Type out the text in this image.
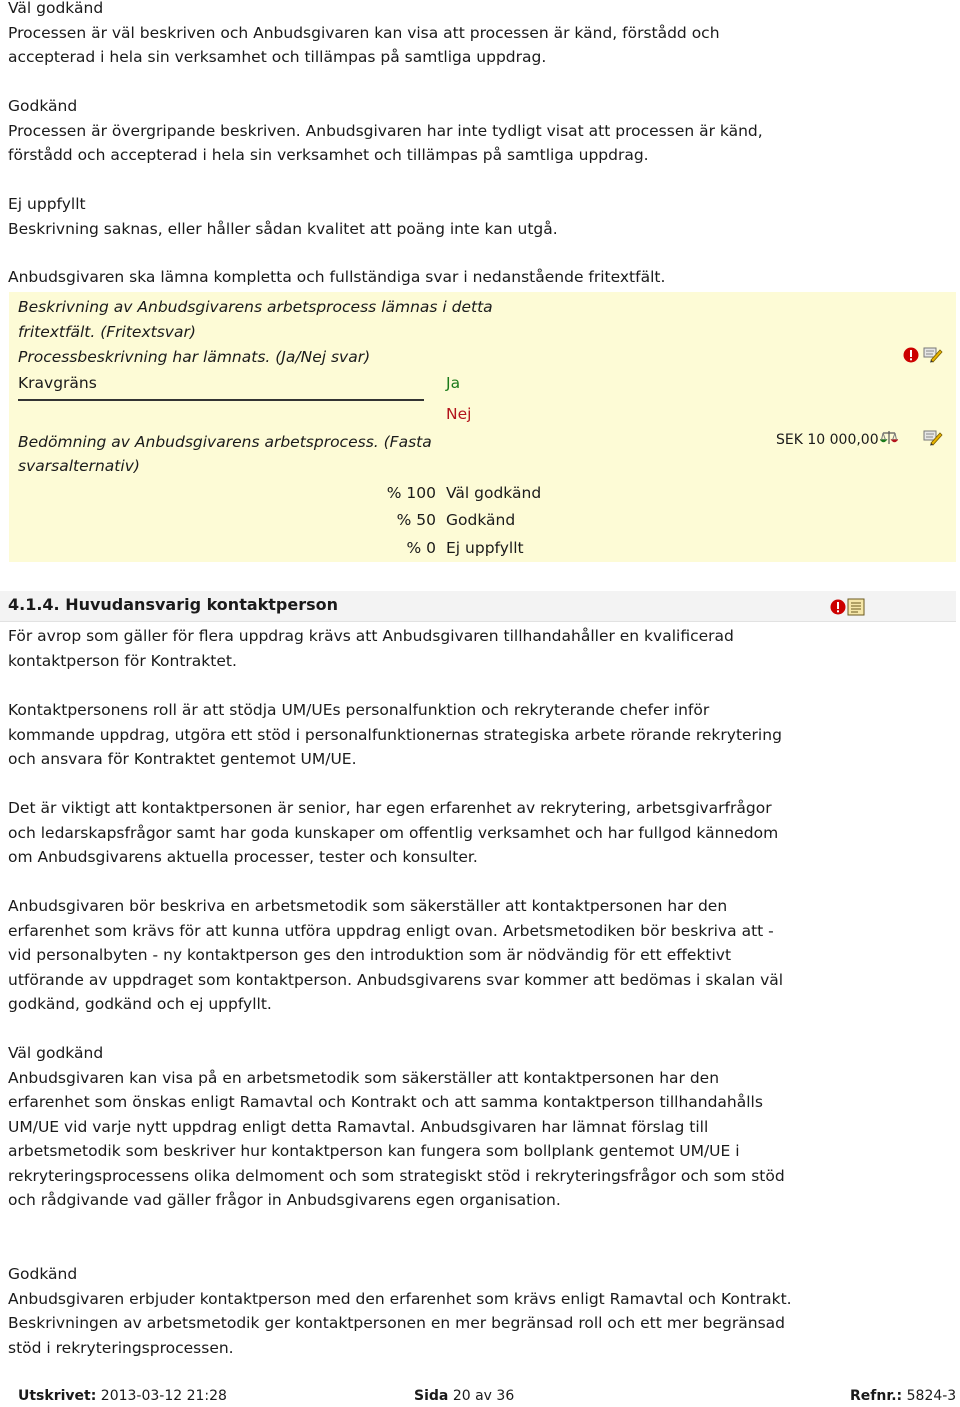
Väl godkänd
Processen är väl beskriven och Anbudsgivaren kan visa att processen är känd, förstådd och accepterad i hela sin verksamhet och tillämpas på samtliga uppdrag.
Godkänd
Processen är övergripande beskriven. Anbudsgivaren har inte tydligt visat att processen är känd, förstådd och accepterad i hela sin verksamhet och tillämpas på samtliga uppdrag.
Ej uppfyllt
Beskrivning saknas, eller håller sådan kvalitet att poäng inte kan utgå.
Anbudsgivaren ska lämna kompletta och fullständiga svar i nedanstående fritextfält.
Beskrivning av Anbudsgivarens arbetsprocess lämnas i detta fritextfält. (Fritextsvar)
Processbeskrivning har lämnats. (Ja/Nej svar)
Kravgräns	Ja
Nej
Bedömning av Anbudsgivarens arbetsprocess. (Fasta svarsalternativ)
SEK 10 000,00
% 100 Väl godkänd
% 50 Godkänd
% 0 Ej uppfyllt
4.1.4. Huvudansvarig kontaktperson
För avrop som gäller för flera uppdrag krävs att Anbudsgivaren tillhandahåller en kvalificerad kontaktperson för Kontraktet.
Kontaktpersonens roll är att stödja UM/UEs personalfunktion och rekryterande chefer inför kommande uppdrag, utgöra ett stöd i personalfunktionernas strategiska arbete rörande rekrytering och ansvara för Kontraktet gentemot UM/UE.
Det är viktigt att kontaktpersonen är senior, har egen erfarenhet av rekrytering, arbetsgivarfrågor och ledarskapsfrågor samt har goda kunskaper om offentlig verksamhet och har fullgod kännedom om Anbudsgivarens aktuella processer, tester och konsulter.
Anbudsgivaren bör beskriva en arbetsmetodik som säkerställer att kontaktpersonen har den erfarenhet som krävs för att kunna utföra uppdrag enligt ovan. Arbetsmetodiken bör beskriva att - vid personalbyten - ny kontaktperson ges den introduktion som är nödvändig för ett effektivt utförande av uppdraget som kontaktperson. Anbudsgivarens svar kommer att bedömas i skalan väl godkänd, godkänd och ej uppfyllt.
Väl godkänd
Anbudsgivaren kan visa på en arbetsmetodik som säkerställer att kontaktpersonen har den erfarenhet som önskas enligt Ramavtal och Kontrakt och att samma kontaktperson tillhandahålls UM/UE vid varje nytt uppdrag enligt detta Ramavtal. Anbudsgivaren har lämnat förslag till arbetsmetodik som beskriver hur kontaktperson kan fungera som bollplank gentemot UM/UE i rekryteringsprocessens olika delmoment och som strategiskt stöd i rekryteringsfrågor och som stöd och rådgivande vad gäller frågor in Anbudsgivarens egen organisation.
Godkänd
Anbudsgivaren erbjuder kontaktperson med den erfarenhet som krävs enligt Ramavtal och Kontrakt. Beskrivningen av arbetsmetodik ger kontaktpersonen en mer begränsad roll och ett mer begränsad stöd i rekryteringsprocessen.
Utskrivet: 2013-03-12 21:28	Sida 20 av 36	Refnr.: 5824-3
